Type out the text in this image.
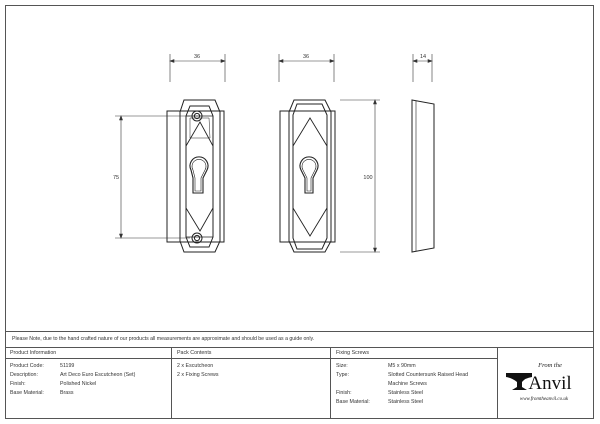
36	36	14
75	100
Please Note, due to the hand crafted nature of our products all measurements are approximate and should be used as a guide only.
Product Information
Product Code:	51199
Description:	Art Deco Euro Escutcheon (Set)
Finish:	Polished Nickel
Base Material:	Brass
Pack Contents
2 x Escutcheon
2 x Fixing Screws
Fixing Screws
Size:	M5 x 90mm
Type:	Slotted Countersunk Raised Head
Machine Screws
Finish:	Stainless Steel
Base Material:	Stainless Steel
From the
Anvil
www.fromtheanvil.co.uk
